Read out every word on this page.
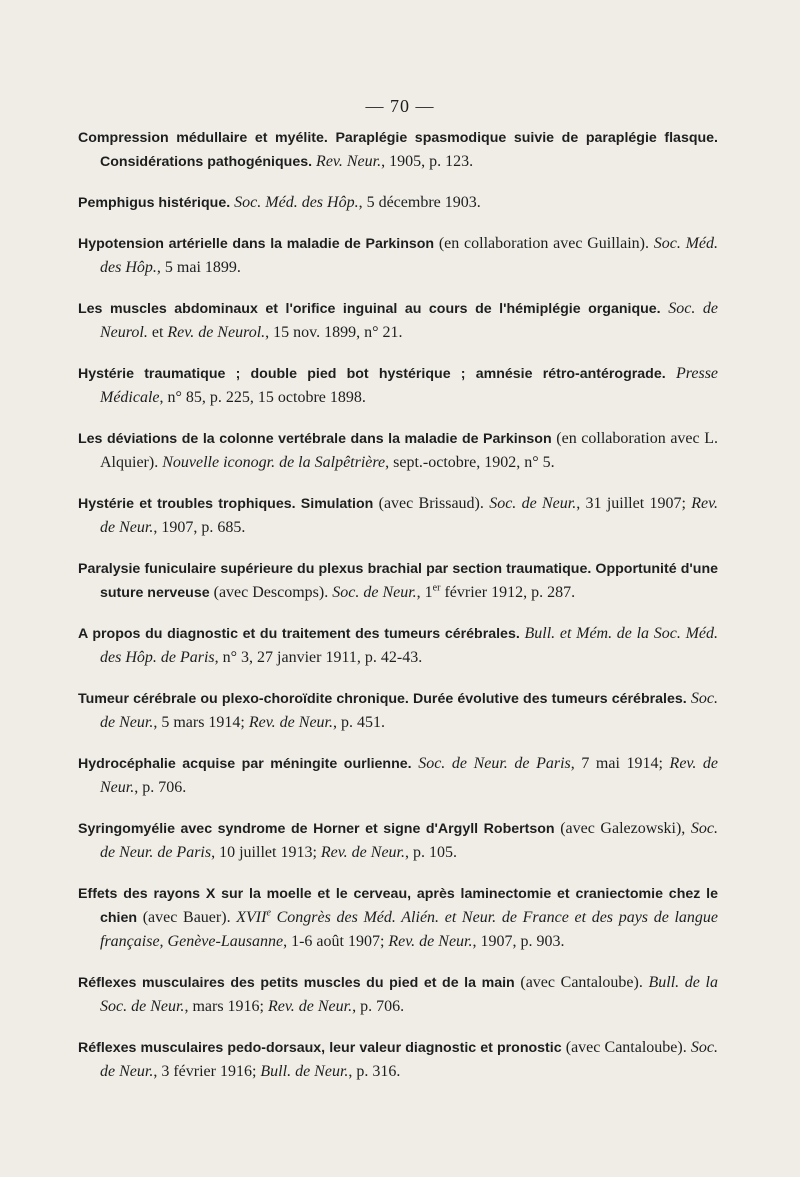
— 70 —
Compression médullaire et myélite. Paraplégie spasmodique suivie de paraplégie flasque. Considérations pathogéniques. Rev. Neur., 1905, p. 123.
Pemphigus histérique. Soc. Méd. des Hôp., 5 décembre 1903.
Hypotension artérielle dans la maladie de Parkinson (en collaboration avec Guillain). Soc. Méd. des Hôp., 5 mai 1899.
Les muscles abdominaux et l'orifice inguinal au cours de l'hémiplégie organique. Soc. de Neurol. et Rev. de Neurol., 15 nov. 1899, n° 21.
Hystérie traumatique ; double pied bot hystérique ; amnésie rétro-antérograde. Presse Médicale, n° 85, p. 225, 15 octobre 1898.
Les déviations de la colonne vertébrale dans la maladie de Parkinson (en collaboration avec L. Alquier). Nouvelle iconogr. de la Salpêtrière, sept.-octobre, 1902, n° 5.
Hystérie et troubles trophiques. Simulation (avec Brissaud). Soc. de Neur., 31 juillet 1907; Rev. de Neur., 1907, p. 685.
Paralysie funiculaire supérieure du plexus brachial par section traumatique. Opportunité d'une suture nerveuse (avec Descomps). Soc. de Neur., 1er février 1912, p. 287.
A propos du diagnostic et du traitement des tumeurs cérébrales. Bull. et Mém. de la Soc. Méd. des Hôp. de Paris, n° 3, 27 janvier 1911, p. 42-43.
Tumeur cérébrale ou plexo-choroïdite chronique. Durée évolutive des tumeurs cérébrales. Soc. de Neur., 5 mars 1914; Rev. de Neur., p. 451.
Hydrocéphalie acquise par méningite ourlienne. Soc. de Neur. de Paris, 7 mai 1914; Rev. de Neur., p. 706.
Syringomyélie avec syndrome de Horner et signe d'Argyll Robertson (avec Galezowski), Soc. de Neur. de Paris, 10 juillet 1913; Rev. de Neur., p. 105.
Effets des rayons X sur la moelle et le cerveau, après laminectomie et craniectomie chez le chien (avec Bauer). XVIIe Congrès des Méd. Alién. et Neur. de France et des pays de langue française, Genève-Lausanne, 1-6 août 1907; Rev. de Neur., 1907, p. 903.
Réflexes musculaires des petits muscles du pied et de la main (avec Cantaloube). Bull. de la Soc. de Neur., mars 1916; Rev. de Neur., p. 706.
Réflexes musculaires pedo-dorsaux, leur valeur diagnostic et pronostic (avec Cantaloube). Soc. de Neur., 3 février 1916; Bull. de Neur., p. 316.
